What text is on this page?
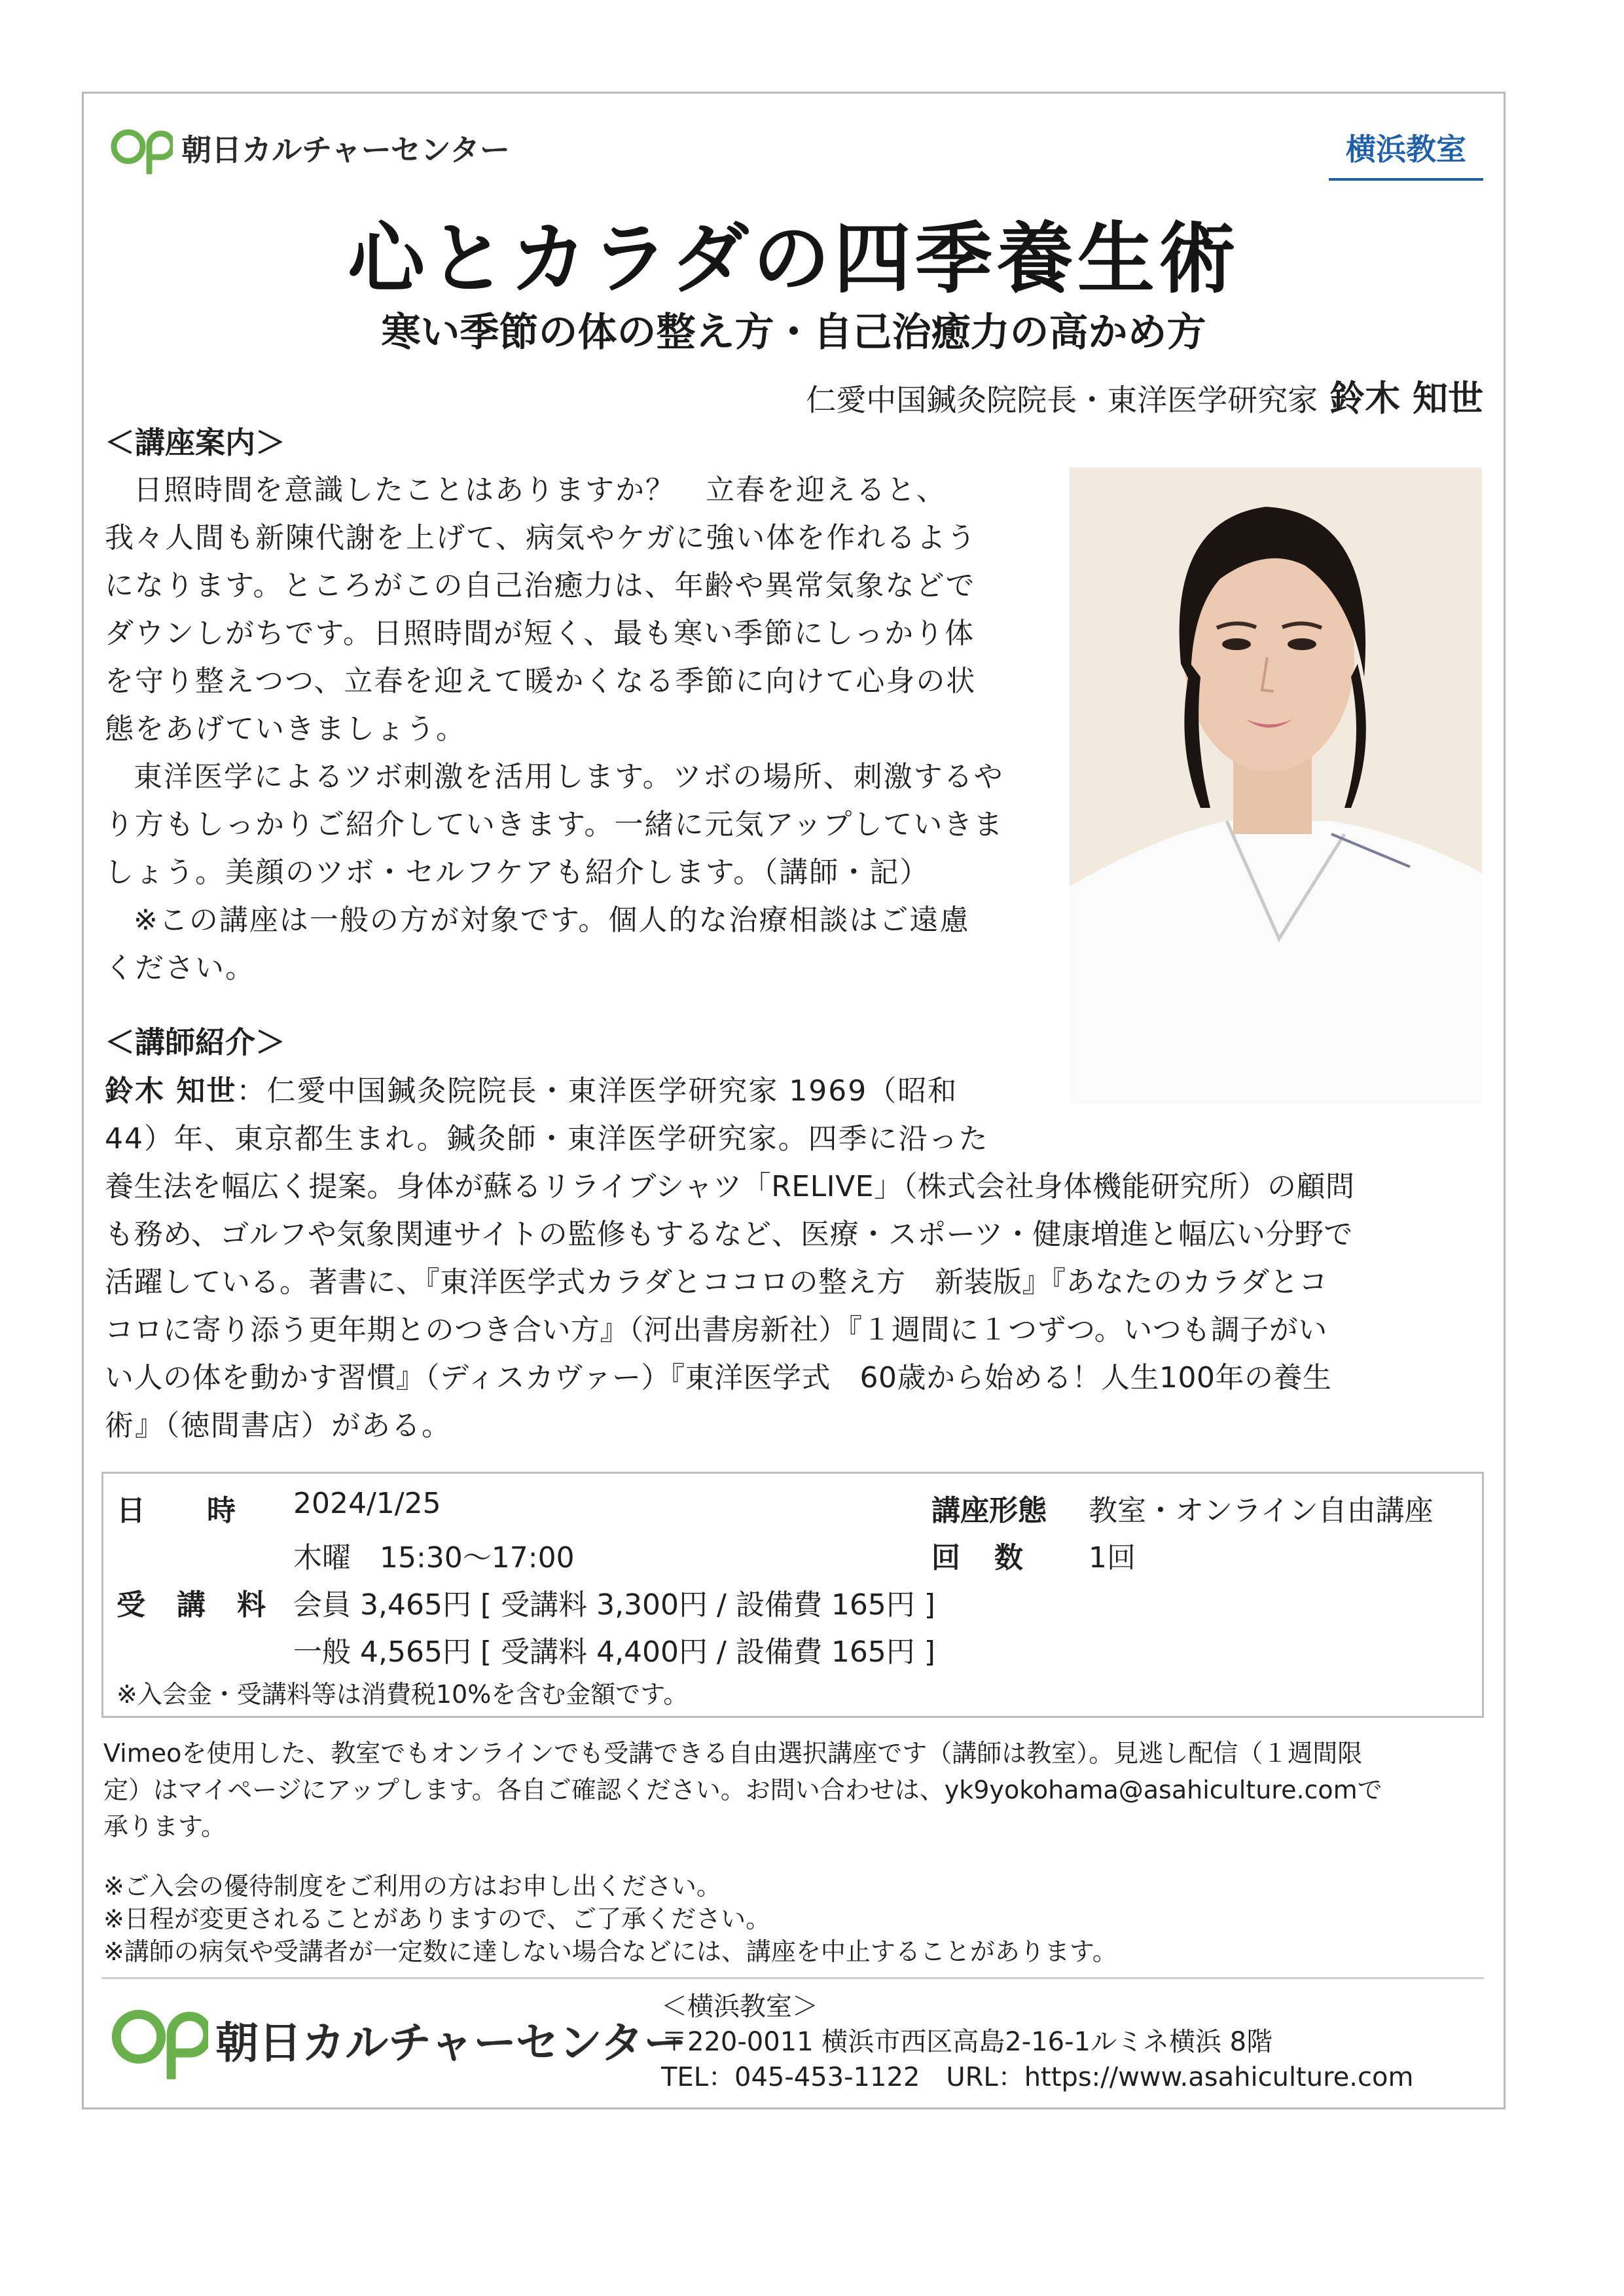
朝日カルチャーセンター	横浜教室
心とカラダの四季養生術
寒い季節の体の整え方・自己治癒力の高かめ方
仁愛中国鍼灸院院長・東洋医学研究家 鈴木 知世
＜講座案内＞
日照時間を意識したことはありますか？　立春を迎えると、
我々人間も新陳代謝を上げて、病気やケガに強い体を作れるよう
になります。ところがこの自己治癒力は、年齢や異常気象などで
ダウンしがちです。日照時間が短く、最も寒い季節にしっかり体
を守り整えつつ、立春を迎えて暖かくなる季節に向けて心身の状
態をあげていきましょう。
東洋医学によるツボ刺激を活用します。ツボの場所、刺激するや
り方もしっかりご紹介していきます。一緒に元気アップしていきま
しょう。美顔のツボ・セルフケアも紹介します。（講師・記）
※この講座は一般の方が対象です。個人的な治療相談はご遠慮
ください。
＜講師紹介＞
鈴木 知世：仁愛中国鍼灸院院長・東洋医学研究家 1969（昭和
44）年、東京都生まれ。鍼灸師・東洋医学研究家。四季に沿った
養生法を幅広く提案。身体が蘇るリライブシャツ「RELIVE」（株式会社身体機能研究所）の顧問
も務め、ゴルフや気象関連サイトの監修もするなど、医療・スポーツ・健康増進と幅広い分野で
活躍している。著書に、『東洋医学式カラダとココロの整え方　新装版』『あなたのカラダとコ
コロに寄り添う更年期とのつき合い方』（河出書房新社）『１週間に１つずつ。いつも調子がい
い人の体を動かす習慣』（ディスカヴァー）『東洋医学式　60歳から始める！人生100年の養生
術』（徳間書店）がある。
日　　時	2024/1/25
木曜　15:30〜17:00
受　講　料 会員 3,465円 [ 受講料 3,300円 / 設備費 165円 ]
一般 4,565円 [ 受講料 4,400円 / 設備費 165円 ]
講座形態 教室・オンライン自由講座
回　数 1回
※入会金・受講料等は消費税10%を含む金額です。
Vimeoを使用した、教室でもオンラインでも受講できる自由選択講座です（講師は教室）。見逃し配信（１週間限
定）はマイページにアップします。各自ご確認ください。お問い合わせは、yk9yokohama@asahiculture.comで
承ります。
※ご入会の優待制度をご利用の方はお申し出ください。
※日程が変更されることがありますので、ご了承ください。
※講師の病気や受講者が一定数に達しない場合などには、講座を中止することがあります。
朝日カルチャーセンター
＜横浜教室＞
〒220-0011 横浜市西区高島2-16-1ルミネ横浜 8階
TEL：045-453-1122　URL：https://www.asahiculture.com
